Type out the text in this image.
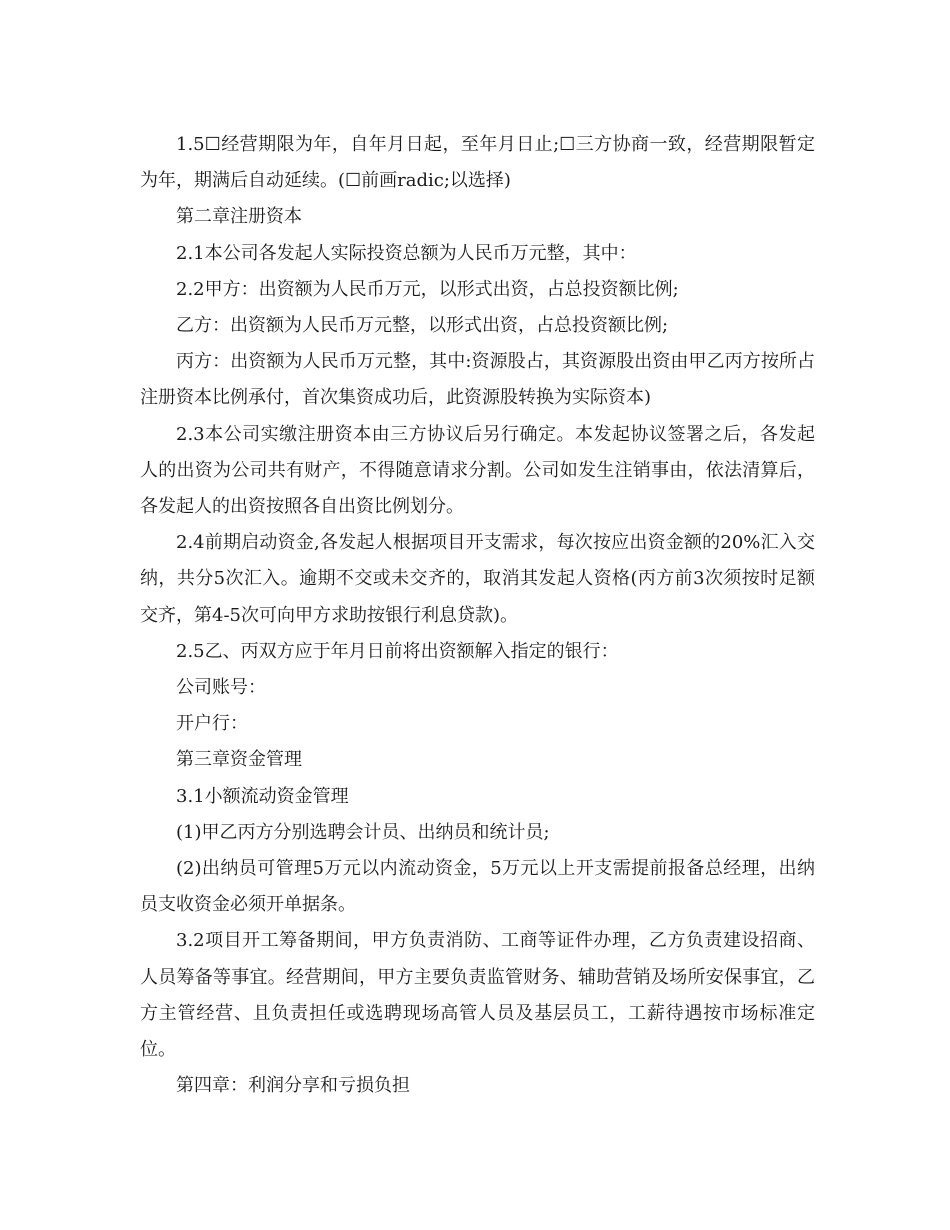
1.5☐经营期限为年，自年月日起，至年月日止;☐三方协商一致，经营期限暂定为年，期满后自动延续。(☐前画radic;以选择)

第二章注册资本

2.1本公司各发起人实际投资总额为人民币万元整，其中：

2.2甲方：出资额为人民币万元，以形式出资，占总投资额比例;

乙方：出资额为人民币万元整，以形式出资，占总投资额比例;

丙方：出资额为人民币万元整，其中:资源股占，其资源股出资由甲乙丙方按所占注册资本比例承付，首次集资成功后，此资源股转换为实际资本)

2.3本公司实缴注册资本由三方协议后另行确定。本发起协议签署之后，各发起人的出资为公司共有财产，不得随意请求分割。公司如发生注销事由，依法清算后，各发起人的出资按照各自出资比例划分。

2.4前期启动资金,各发起人根据项目开支需求，每次按应出资金额的20%汇入交纳，共分5次汇入。逾期不交或未交齐的，取消其发起人资格(丙方前3次须按时足额交齐，第4-5次可向甲方求助按银行利息贷款)。

2.5乙、丙双方应于年月日前将出资额解入指定的银行：

公司账号：

开户行：

第三章资金管理

3.1小额流动资金管理

(1)甲乙丙方分别选聘会计员、出纳员和统计员;

(2)出纳员可管理5万元以内流动资金，5万元以上开支需提前报备总经理，出纳员支收资金必须开单据条。

3.2项目开工筹备期间，甲方负责消防、工商等证件办理，乙方负责建设招商、人员筹备等事宜。经营期间，甲方主要负责监管财务、辅助营销及场所安保事宜，乙方主管经营、且负责担任或选聘现场高管人员及基层员工，工薪待遇按市场标准定位。

第四章：利润分享和亏损负担
